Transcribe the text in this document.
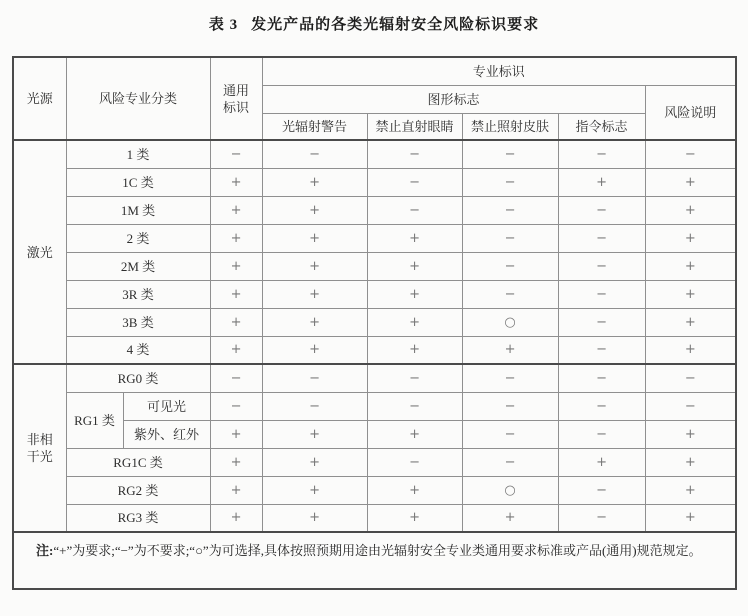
表 3 发光产品的各类光辐射安全风险标识要求
光源	风险专业分类		通用标识	专业标识				
				图形标志				风险说明
				光辐射警告	禁止直射眼睛	禁止照射皮肤	指令标志	
激光	1 类		−	−	−	−	−	−
	1C 类		+	+	−	−	+	+
	1M 类		+	+	−	−	−	+
	2 类		+	+	+	−	−	+
	2M 类		+	+	+	−	−	+
	3R 类		+	+	+	−	−	+
	3B 类		+	+	+	○	−	+
	4 类		+	+	+	+	−	+
非相干光	RG0 类		−	−	−	−	−	−
	RG1 类	可见光	−	−	−	−	−	−
		紫外、红外	+	+	+	−	−	+
	RG1C 类		+	+	−	−	+	+
	RG2 类		+	+	+	○	−	+
	RG3 类		+	+	+	+	−	+
注:“+”为要求;“−”为不要求;“○”为可选择,具体按照预期用途由光辐射安全专业类通用要求标准或产品(通用)规范规定。								
